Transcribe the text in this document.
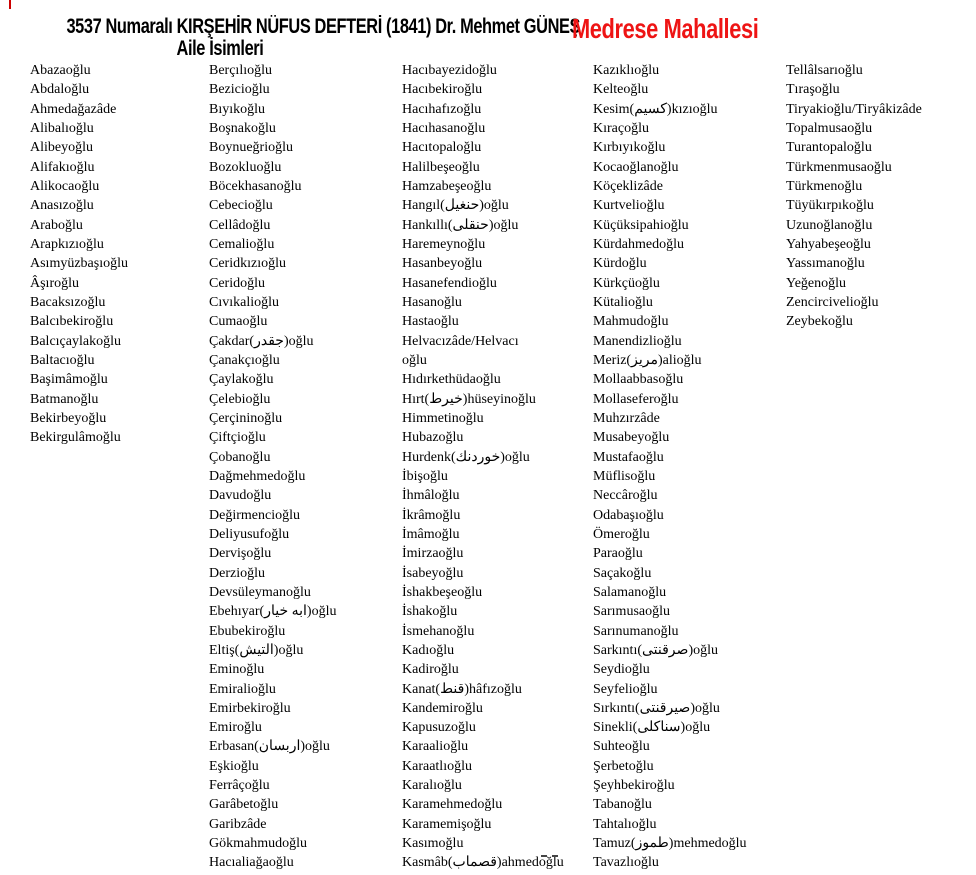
3537 Numaralı KIRŞEHİR NÜFUS DEFTERİ (1841) Dr. Mehmet GÜNEŞ
Aile İsimleri
Medrese Mahallesi
Abazaoğlu
Abdaloğlu
Ahmedağazâde
Alibalıoğlu
Alibeyoğlu
Alifakıoğlu
Alikocaoğlu
Anasızoğlu
Araboğlu
Arapkızıoğlu
Asımyüzbaşıoğlu
Âşıroğlu
Bacaksızoğlu
Balcıbekiroğlu
Balcıçaylakoğlu
Baltacıoğlu
Başimâmoğlu
Batmanoğlu
Bekirbeyoğlu
Bekirgulâmoğlu
Berçılıoğlu
Bezicioğlu
Bıyıkoğlu
Boşnakoğlu
Boynueğrioğlu
Bozokluoğlu
Böcekhasanoğlu
Cebecioğlu
Cellâdoğlu
Cemalioğlu
Ceridkızıoğlu
Ceridoğlu
Cıvıkalioğlu
Cumaoğlu
Çakdar(جقدر)oğlu
Çanakçıoğlu
Çaylakoğlu
Çelebioğlu
Çerçininoğlu
Çiftçioğlu
Çobanoğlu
Dağmehmedoğlu
Davudoğlu
Değirmencioğlu
Deliyusufoğlu
Dervişoğlu
Derzioğlu
Devsüleymanoğlu
Ebehıyar(ابه خيار)oğlu
Ebubekiroğlu
Eltiş(التيش)oğlu
Eminoğlu
Emiralioğlu
Emirbekiroğlu
Emiroğlu
Erbasan(اربسان)oğlu
Eşkioğlu
Ferrâçoğlu
Garâbetoğlu
Garibzâde
Gökmahmudoğlu
Hacıaliağaoğlu
Hacıbayezidoğlu
Hacıbekiroğlu
Hacıhafızoğlu
Hacıhasanoğlu
Hacıtopaloğlu
Halilbeşeoğlu
Hamzabeşeoğlu
Hangıl(حنغيل)oğlu
Hankıllı(حنقلى)oğlu
Haremeynoğlu
Hasanbeyoğlu
Hasanefendioğlu
Hasanoğlu
Hastaoğlu
Helvacızâde/Helvacı
oğlu
Hıdırkethüdaoğlu
Hırt(خيرط)hüseyinoğlu
Himmetinoğlu
Hubazoğlu
Hurdenk(خوردنك)oğlu
İbişoğlu
İhmâloğlu
İkrâmoğlu
İmâmoğlu
İmirzaoğlu
İsabeyoğlu
İshakbeşeoğlu
İshakoğlu
İsmehanoğlu
Kadıoğlu
Kadiroğlu
Kanat(قنط)hâfızoğlu
Kandemiroğlu
Kapusuzoğlu
Karaalioğlu
Karaatlıoğlu
Karalıoğlu
Karamehmedoğlu
Karamemişoğlu
Kasımoğlu
Kasmâb(قصماب)ahmedoğlu
Kazıklıoğlu
Kelteoğlu
Kesim(كسيم)kızıoğlu
Kıraçoğlu
Kırbıyıkoğlu
Kocaoğlanoğlu
Köçeklizâde
Kurtvelioğlu
Küçüksipahioğlu
Kürdahmedoğlu
Kürdoğlu
Kürkçüoğlu
Kütalioğlu
Mahmudoğlu
Manendizlioğlu
Meriz(مريز)alioğlu
Mollaabbasoğlu
Mollaseferoğlu
Muhzırzâde
Musabeyoğlu
Mustafaoğlu
Müflisoğlu
Neccâroğlu
Odabaşıoğlu
Ömeroğlu
Paraoğlu
Saçakoğlu
Salamanoğlu
Sarımusaoğlu
Sarınumanoğlu
Sarkıntı(صرقنتى)oğlu
Seydioğlu
Seyfelioğlu
Sırkıntı(صيرقنتى)oğlu
Sinekli(سناكلى)oğlu
Suhteoğlu
Şerbetoğlu
Şeyhbekiroğlu
Tabanoğlu
Tahtalıoğlu
Tamuz(طموز)mehmedoğlu
Tavazlıoğlu
Tellâlsarıoğlu
Tıraşoğlu
Tiryakioğlu/Tiryâkizâde
Topalmusaoğlu
Turantopaloğlu
Türkmenmusaoğlu
Türkmenoğlu
Tüyükırpıkoğlu
Uzunoğlanoğlu
Yahyabeşeoğlu
Yassımanoğlu
Yeğenoğlu
Zencircivelioğlu
Zeybekoğlu
